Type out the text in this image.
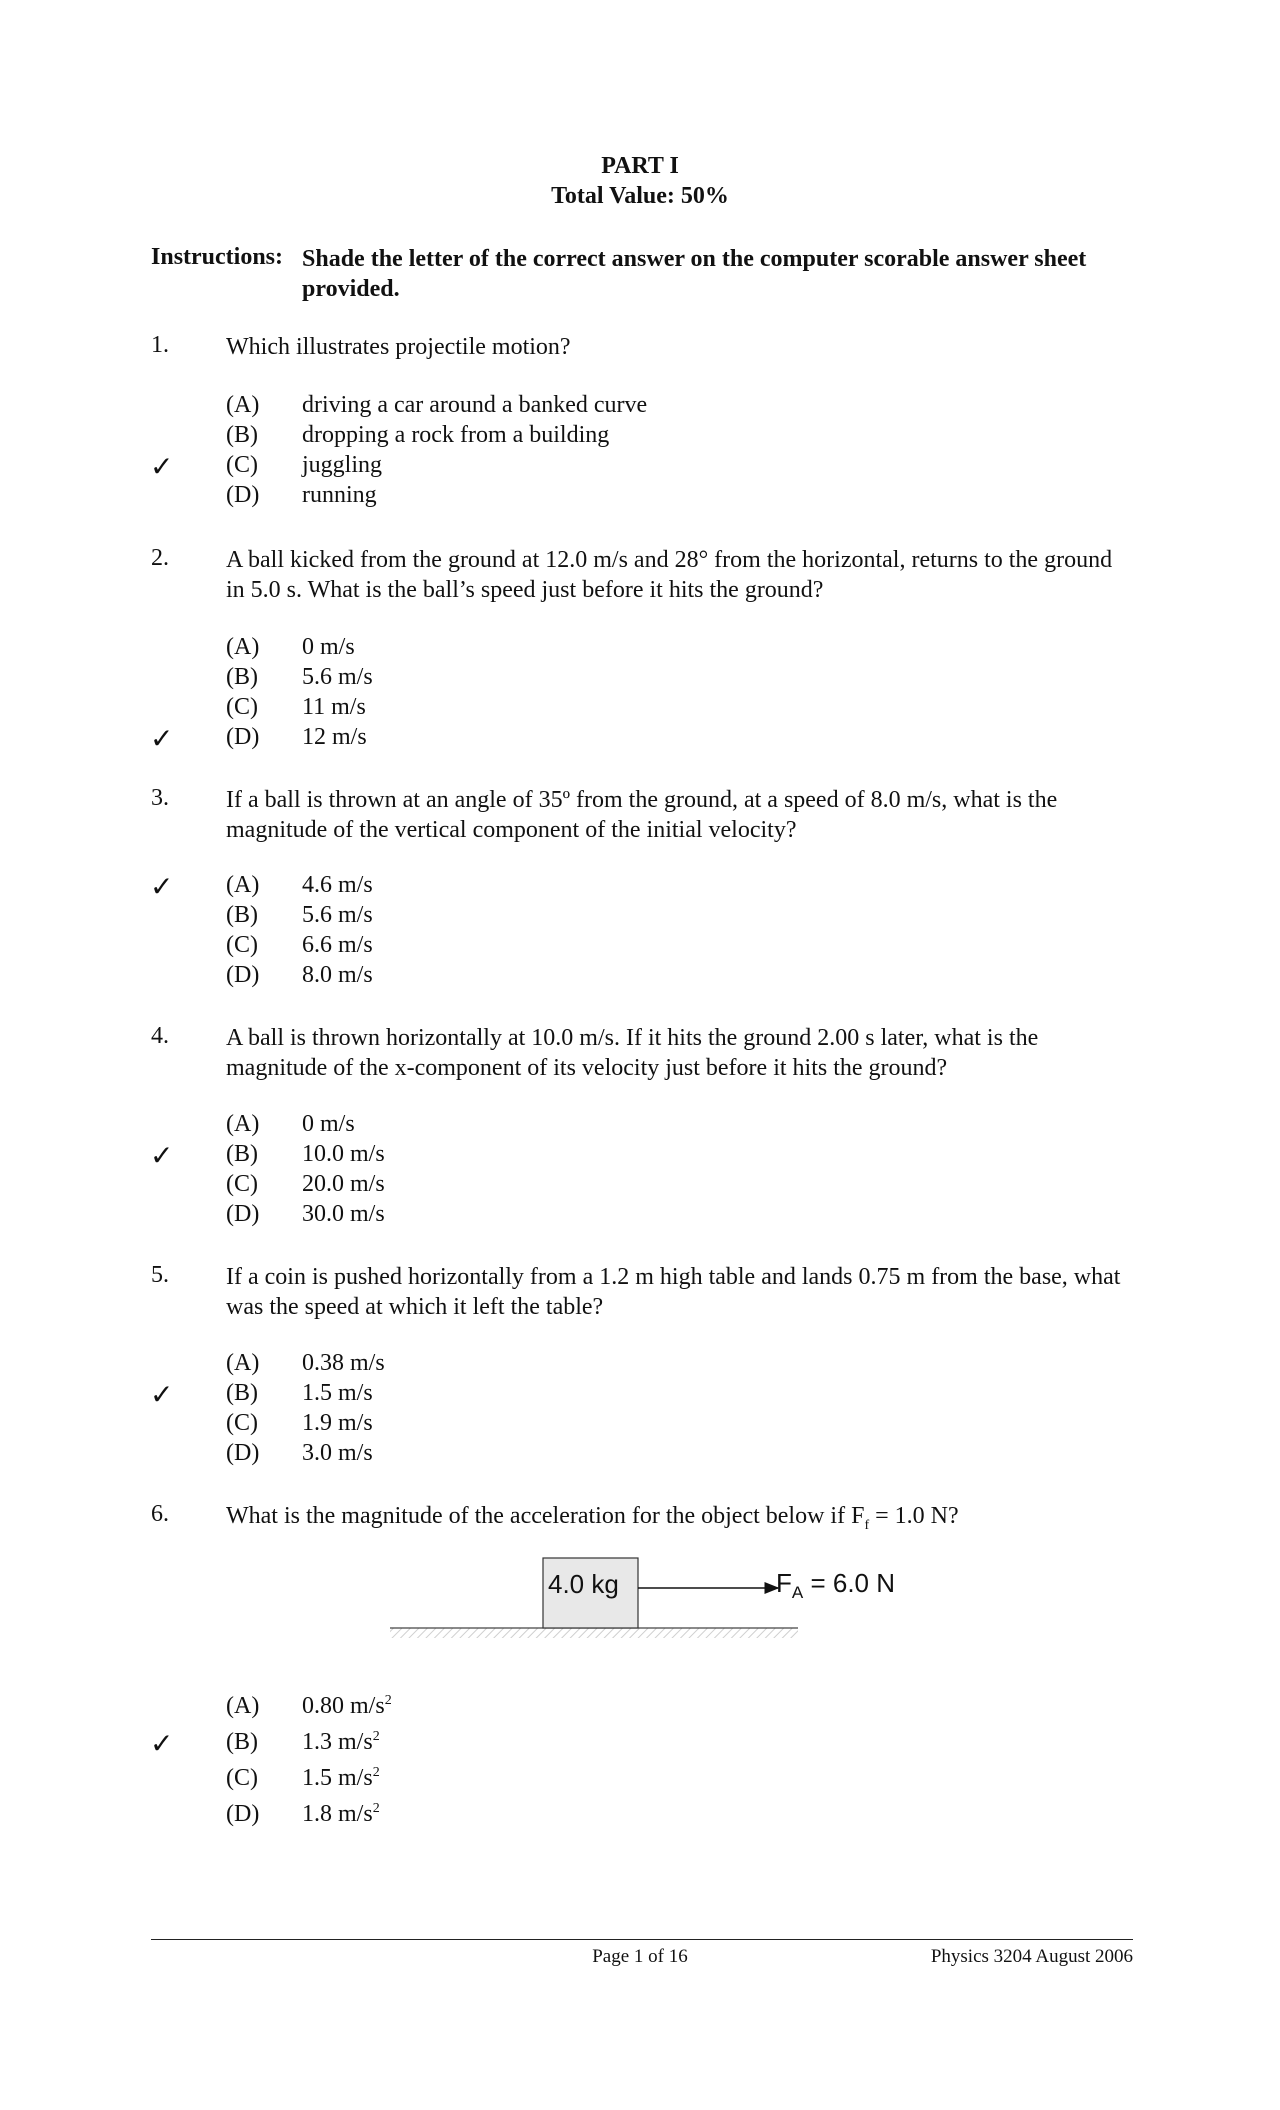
PART I
Total Value: 50%
Instructions: Shade the letter of the correct answer on the computer scorable answer sheet provided.
1. Which illustrates projectile motion?
(A) driving a car around a banked curve
(B) dropping a rock from a building
✓ (C) juggling
(D) running
2. A ball kicked from the ground at 12.0 m/s and 28° from the horizontal, returns to the ground in 5.0 s. What is the ball’s speed just before it hits the ground?
(A) 0 m/s
(B) 5.6 m/s
(C) 11 m/s
✓ (D) 12 m/s
3. If a ball is thrown at an angle of 35º from the ground, at a speed of 8.0 m/s, what is the magnitude of the vertical component of the initial velocity?
✓ (A) 4.6 m/s
(B) 5.6 m/s
(C) 6.6 m/s
(D) 8.0 m/s
4. A ball is thrown horizontally at 10.0 m/s. If it hits the ground 2.00 s later, what is the magnitude of the x-component of its velocity just before it hits the ground?
(A) 0 m/s
✓ (B) 10.0 m/s
(C) 20.0 m/s
(D) 30.0 m/s
5. If a coin is pushed horizontally from a 1.2 m high table and lands 0.75 m from the base, what was the speed at which it left the table?
(A) 0.38 m/s
✓ (B) 1.5 m/s
(C) 1.9 m/s
(D) 3.0 m/s
6. What is the magnitude of the acceleration for the object below if $F_f = 1.0$ N?
4.0 kg	$F_A = 6.0$ N
(A) 0.80 $m/s^2$
✓ (B) 1.3 $m/s^2$
(C) 1.5 $m/s^2$
(D) 1.8 $m/s^2$
Page 1 of 16	Physics 3204 August 2006
